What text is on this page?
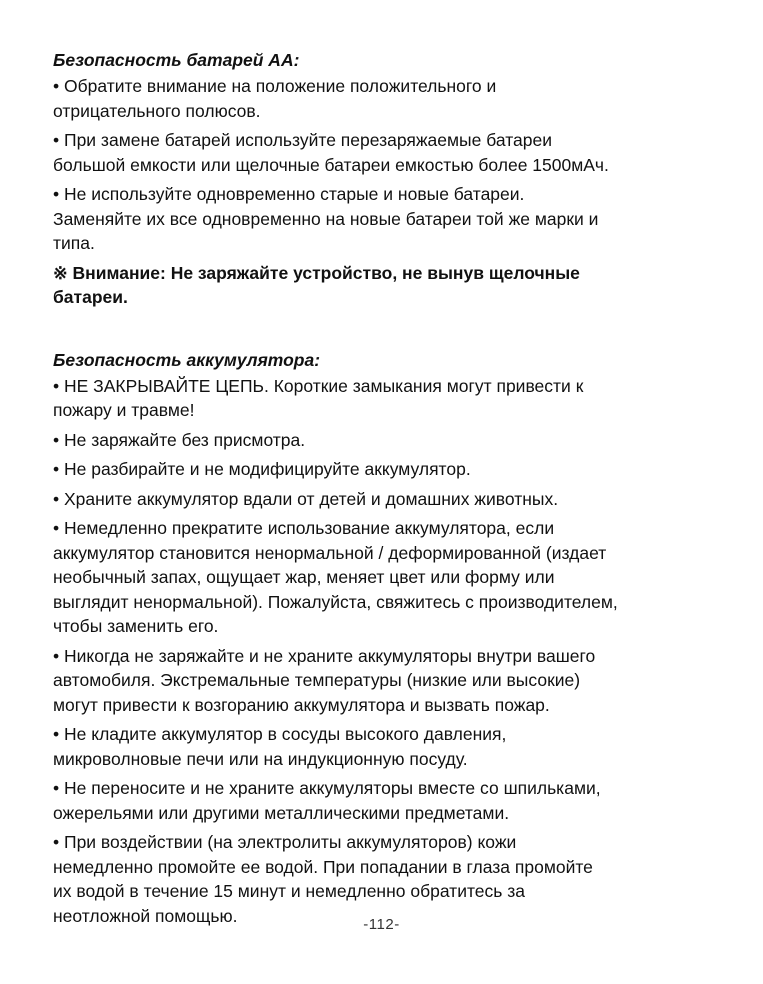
Безопасность батарей АА:
• Обратите внимание на положение положительного и
отрицательного полюсов.
• При замене батарей используйте перезаряжаемые батареи
большой емкости или щелочные батареи емкостью более 1500мАч.
• Не используйте одновременно старые и новые батареи.
Заменяйте их все одновременно на новые батареи той же марки и
типа.
※ Внимание: Не заряжайте устройство, не вынув щелочные
батареи.
Безопасность аккумулятора:
• НЕ ЗАКРЫВАЙТЕ ЦЕПЬ. Короткие замыкания могут привести к
пожару и травме!
• Не заряжайте без присмотра.
• Не разбирайте и не модифицируйте аккумулятор.
• Храните аккумулятор вдали от детей и домашних животных.
• Немедленно прекратите использование аккумулятора, если
аккумулятор становится ненормальной / деформированной (издает
необычный запах, ощущает жар, меняет цвет или форму или
выглядит ненормальной). Пожалуйста, свяжитесь с производителем,
чтобы заменить его.
• Никогда не заряжайте и не храните аккумуляторы внутри вашего
автомобиля. Экстремальные температуры (низкие или высокие)
могут привести к возгоранию аккумулятора и вызвать пожар.
• Не кладите аккумулятор в сосуды высокого давления,
микроволновые печи или на индукционную посуду.
• Не переносите и не храните аккумуляторы вместе со шпильками,
ожерельями или другими металлическими предметами.
• При воздействии (на электролиты аккумуляторов) кожи
немедленно промойте ее водой. При попадании в глаза промойте
их водой в течение 15 минут и немедленно обратитесь за
неотложной помощью.	-112-
